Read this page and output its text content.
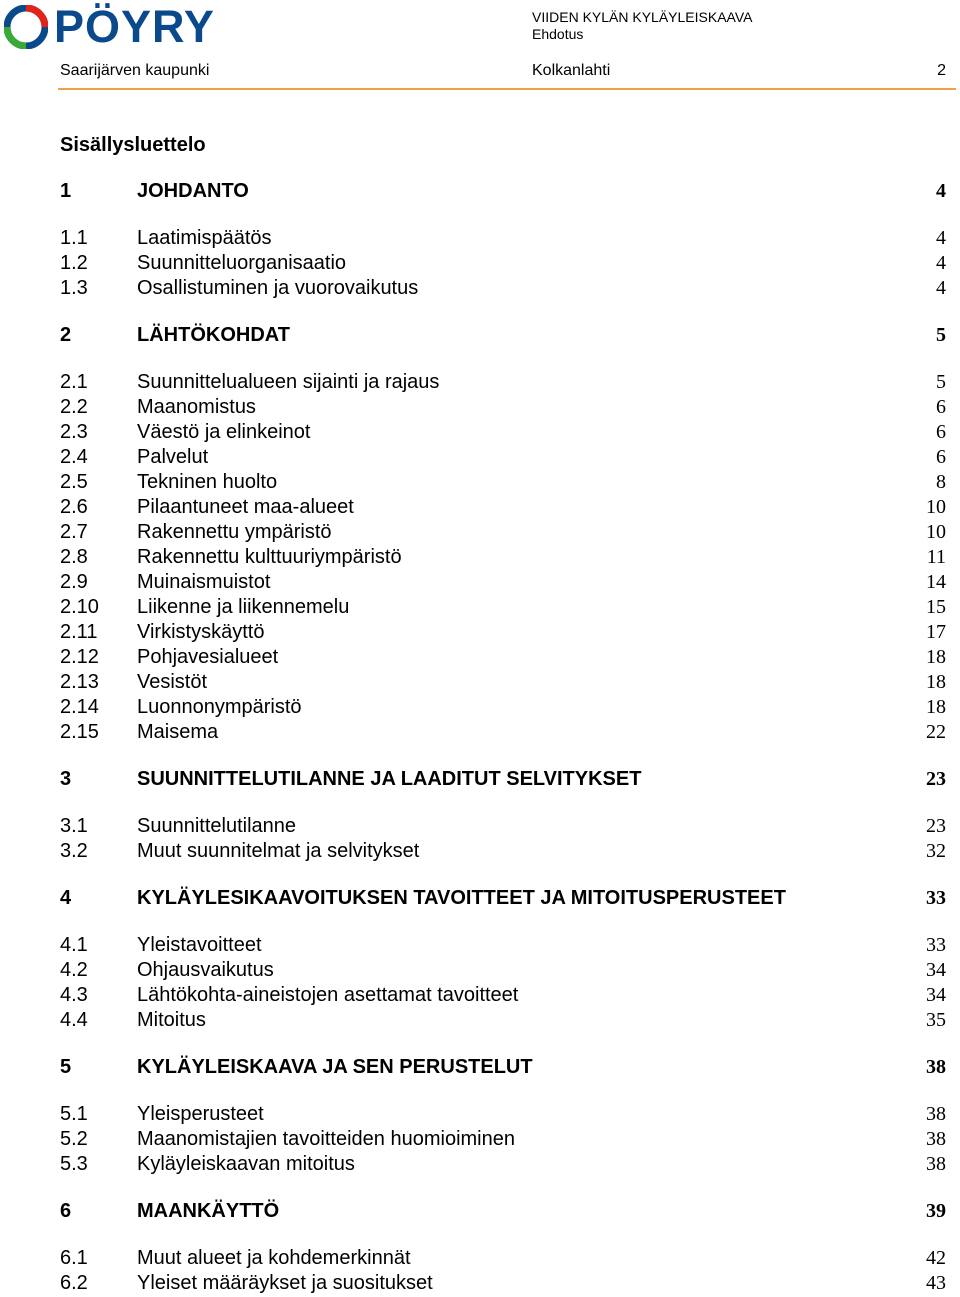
PÖYRY	VIIDEN KYLÄN KYLÄYLEISKAAVA
Ehdotus
Saarijärven kaupunki	Kolkanlahti	2
Sisällysluettelo
1	JOHDANTO	4
1.1 Laatimispäätös	4
1.2 Suunnitteluorganisaatio	4
1.3 Osallistuminen ja vuorovaikutus	4
2	LÄHTÖKOHDAT	5
2.1 Suunnittelualueen sijainti ja rajaus	5
2.2 Maanomistus	6
2.3 Väestö ja elinkeinot	6
2.4 Palvelut	6
2.5 Tekninen huolto	8
2.6 Pilaantuneet maa-alueet	10
2.7 Rakennettu ympäristö	10
2.8 Rakennettu kulttuuriympäristö	11
2.9 Muinaismuistot	14
2.10 Liikenne ja liikennemelu	15
2.11 Virkistyskäyttö	17
2.12 Pohjavesialueet	18
2.13 Vesistöt	18
2.14 Luonnonympäristö	18
2.15 Maisema	22
3	SUUNNITTELUTILANNE JA LAADITUT SELVITYKSET	23
3.1 Suunnittelutilanne	23
3.2 Muut suunnitelmat ja selvitykset	32
4	KYLÄYLESIKAAVOITUKSEN TAVOITTEET JA MITOITUSPERUSTEET	33
4.1 Yleistavoitteet	33
4.2 Ohjausvaikutus	34
4.3 Lähtökohta-aineistojen asettamat tavoitteet	34
4.4 Mitoitus	35
5	KYLÄYLEISKAAVA JA SEN PERUSTELUT	38
5.1 Yleisperusteet	38
5.2 Maanomistajien tavoitteiden huomioiminen	38
5.3 Kyläyleiskaavan mitoitus	38
6	MAANKÄYTTÖ	39
6.1 Muut alueet ja kohdemerkinnät	42
6.2 Yleiset määräykset ja suositukset	43
